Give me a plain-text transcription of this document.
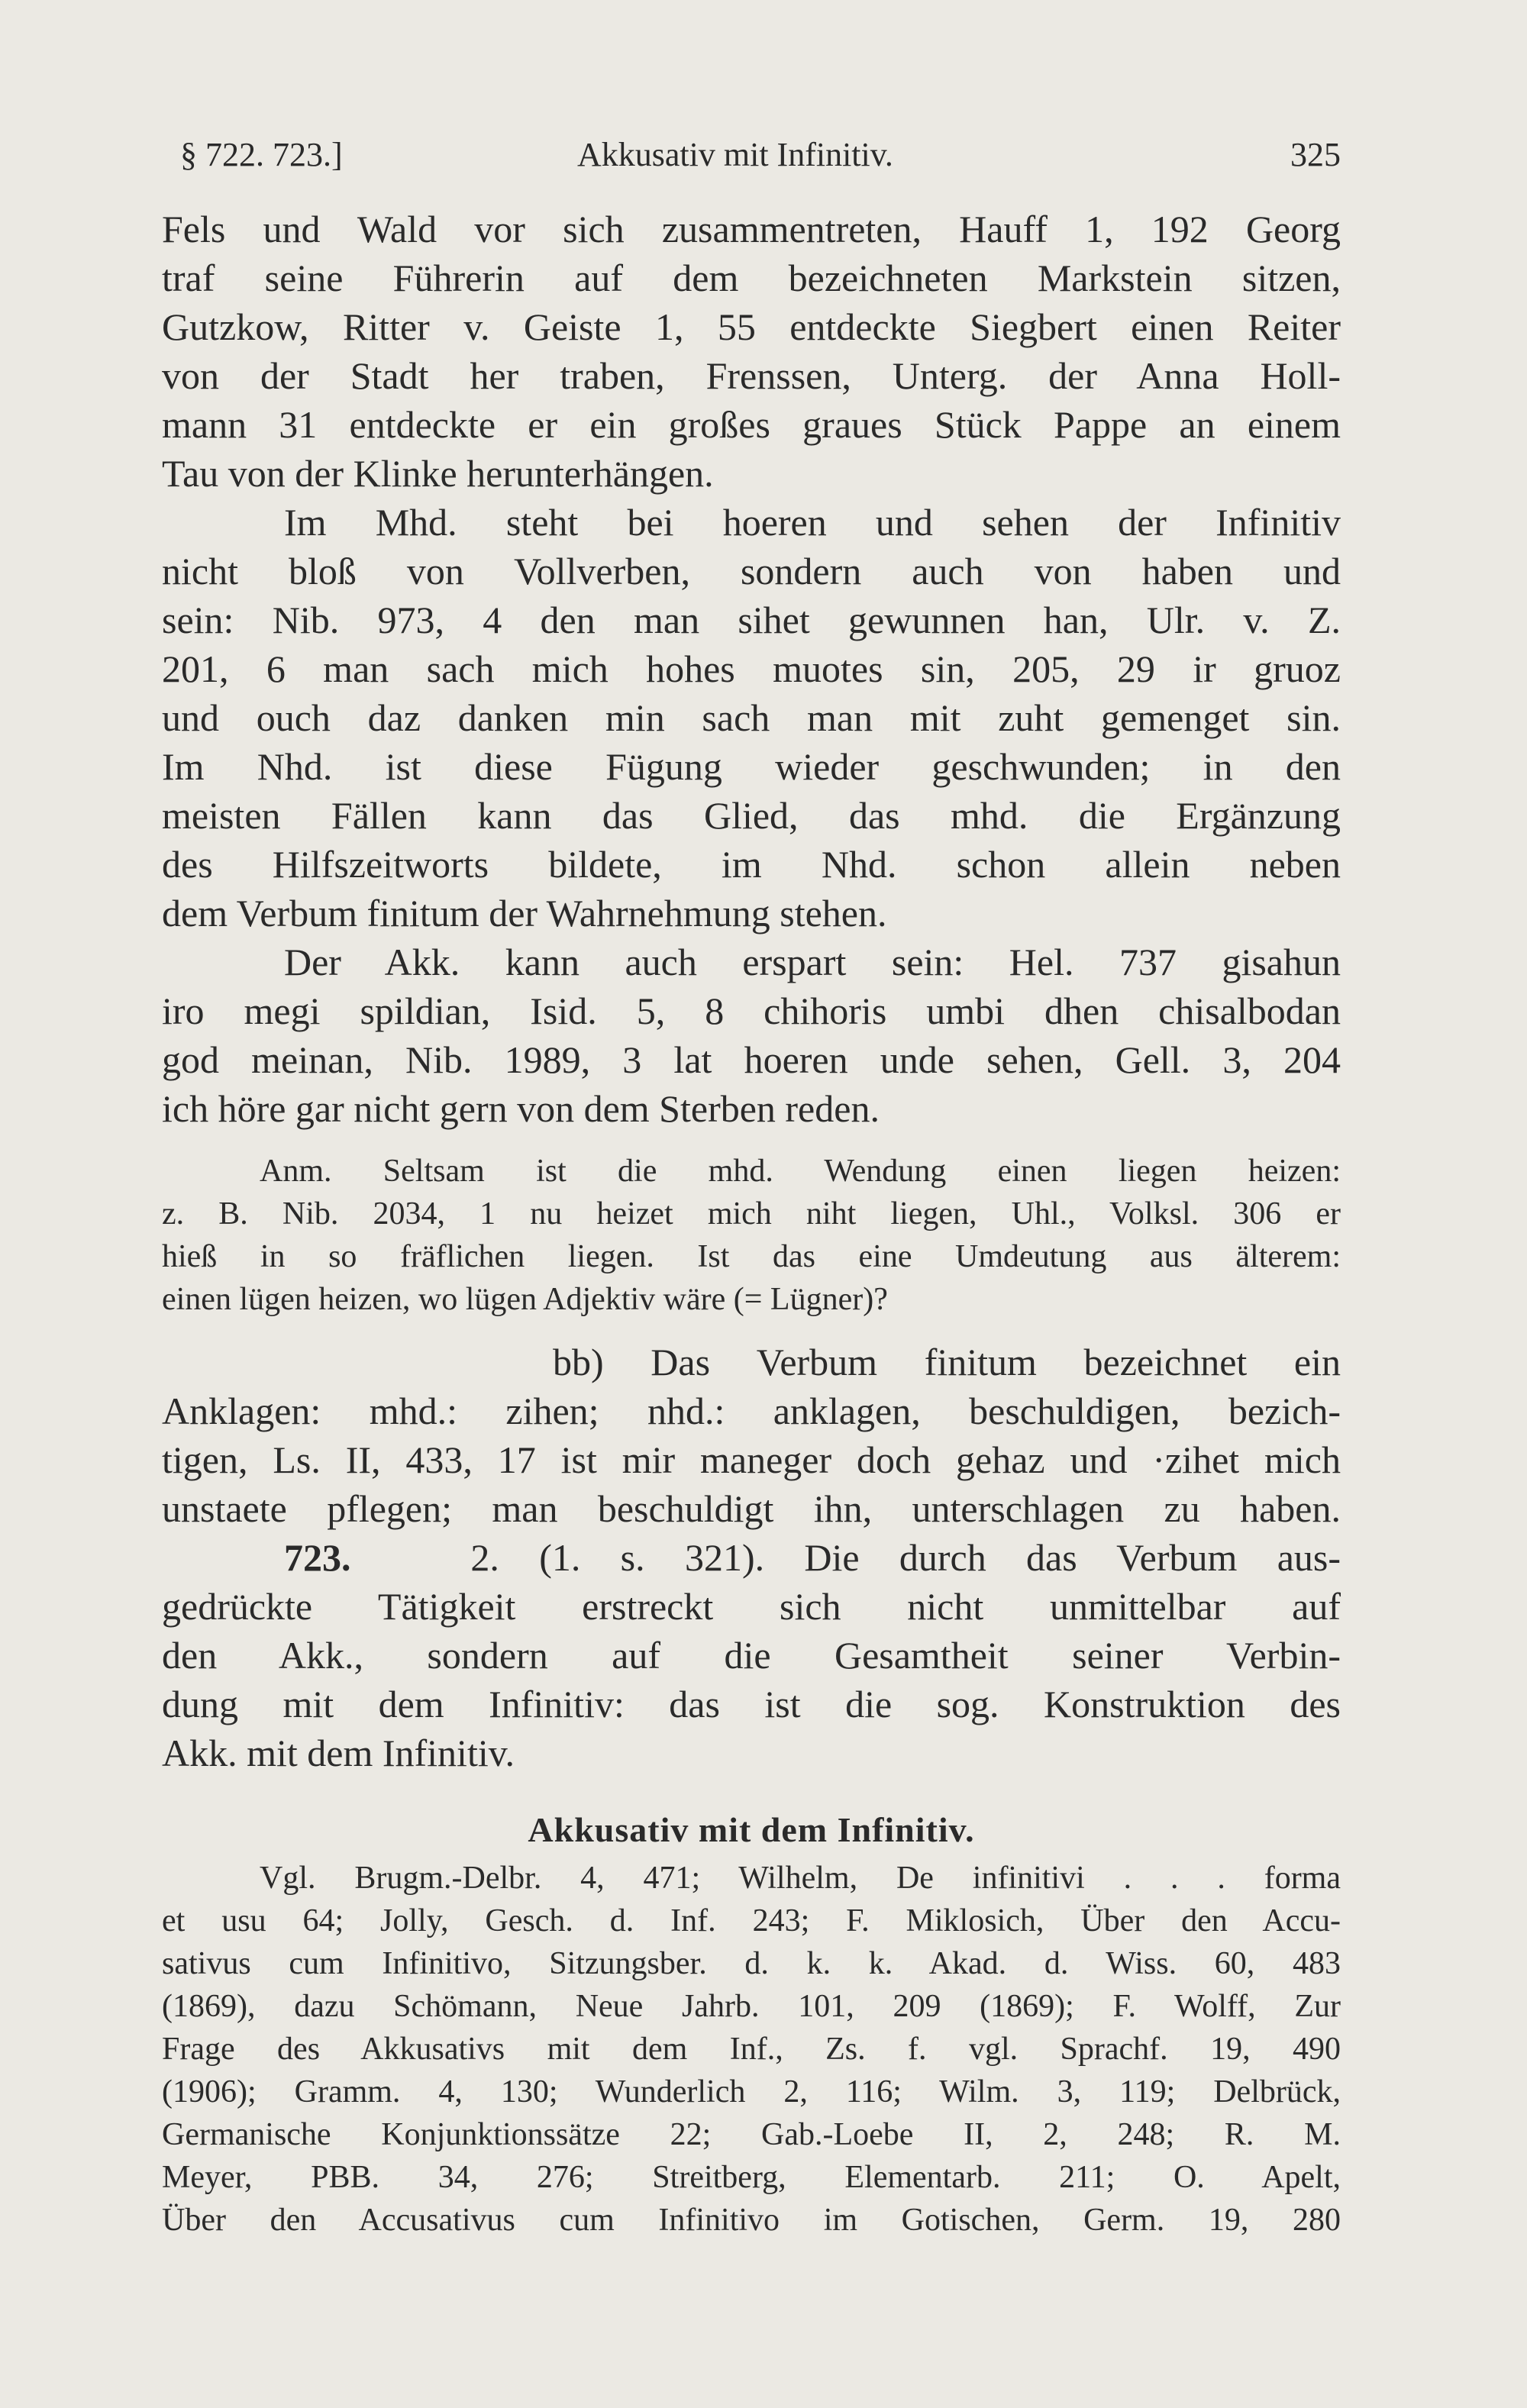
§ 722. 723.]	Akkusativ mit Infinitiv.	325
Fels und Wald vor sich zusammentreten, Hauff 1, 192 Georg
traf seine Führerin auf dem bezeichneten Markstein sitzen,
Gutzkow, Ritter v. Geiste 1, 55 entdeckte Siegbert einen Reiter
von der Stadt her traben, Frenssen, Unterg. der Anna Holl-
mann 31 entdeckte er ein großes graues Stück Pappe an einem
Tau von der Klinke herunterhängen.
Im Mhd. steht bei hoeren und sehen der Infinitiv
nicht bloß von Vollverben, sondern auch von haben und
sein: Nib. 973, 4 den man sihet gewunnen han, Ulr. v. Z.
201, 6 man sach mich hohes muotes sin, 205, 29 ir gruoz
und ouch daz danken min sach man mit zuht gemenget sin.
Im Nhd. ist diese Fügung wieder geschwunden; in den
meisten Fällen kann das Glied, das mhd. die Ergänzung
des Hilfszeitworts bildete, im Nhd. schon allein neben
dem Verbum finitum der Wahrnehmung stehen.
Der Akk. kann auch erspart sein: Hel. 737 gisahun
iro megi spildian, Isid. 5, 8 chihoris umbi dhen chisalbodan
god meinan, Nib. 1989, 3 lat hoeren unde sehen, Gell. 3, 204
ich höre gar nicht gern von dem Sterben reden.
Anm. Seltsam ist die mhd. Wendung einen liegen heizen:
z. B. Nib. 2034, 1 nu heizet mich niht liegen, Uhl., Volksl. 306 er
hieß in so fräflichen liegen. Ist das eine Umdeutung aus älterem:
einen lügen heizen, wo lügen Adjektiv wäre (= Lügner)?
bb) Das Verbum finitum bezeichnet ein
Anklagen: mhd.: zihen; nhd.: anklagen, beschuldigen, bezich-
tigen, Ls. II, 433, 17 ist mir maneger doch gehaz und ·zihet mich
unstaete pflegen; man beschuldigt ihn, unterschlagen zu haben.
723.	2. (1. s. 321). Die durch das Verbum aus-
gedrückte Tätigkeit erstreckt sich nicht unmittelbar auf
den Akk., sondern auf die Gesamtheit seiner Verbin-
dung mit dem Infinitiv: das ist die sog. Konstruktion des
Akk. mit dem Infinitiv.
Akkusativ mit dem Infinitiv.
Vgl. Brugm.-Delbr. 4, 471; Wilhelm, De infinitivi . . . forma
et usu 64; Jolly, Gesch. d. Inf. 243; F. Miklosich, Über den Accu-
sativus cum Infinitivo, Sitzungsber. d. k. k. Akad. d. Wiss. 60, 483
(1869), dazu Schömann, Neue Jahrb. 101, 209 (1869); F. Wolff, Zur
Frage des Akkusativs mit dem Inf., Zs. f. vgl. Sprachf. 19, 490
(1906); Gramm. 4, 130; Wunderlich 2, 116; Wilm. 3, 119; Delbrück,
Germanische Konjunktionssätze 22; Gab.-Loebe II, 2, 248; R. M.
Meyer, PBB. 34, 276; Streitberg, Elementarb. 211; O. Apelt,
Über den Accusativus cum Infinitivo im Gotischen, Germ. 19, 280
